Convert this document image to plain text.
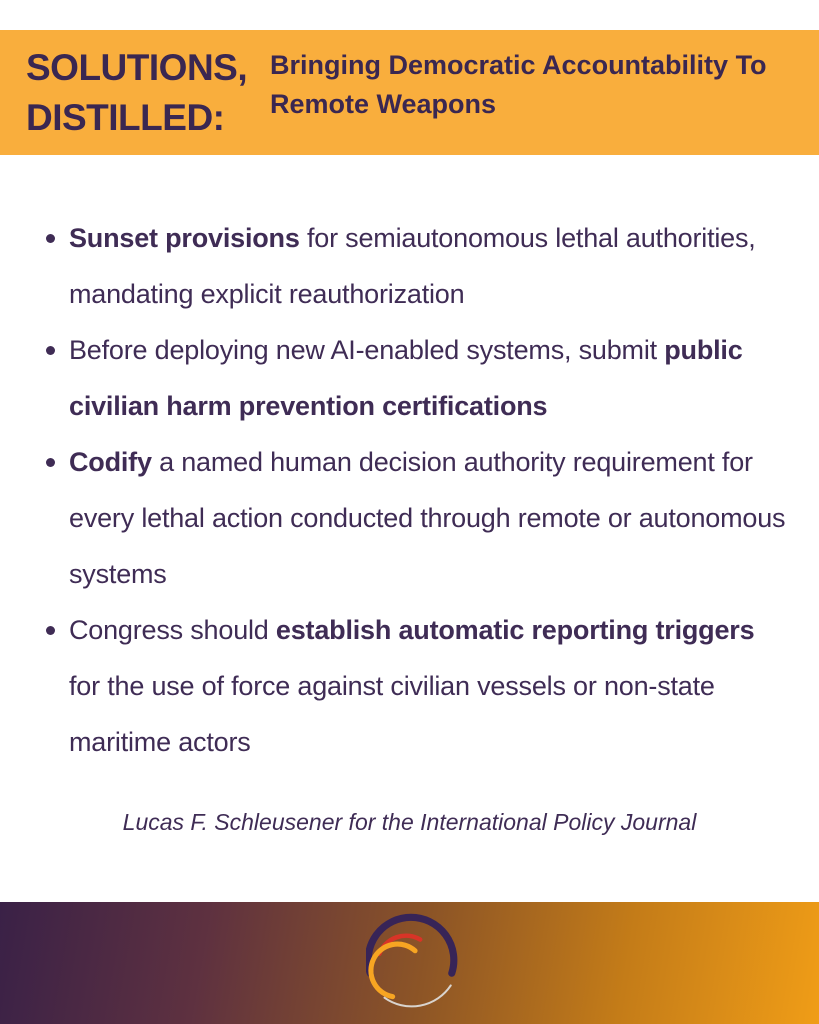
SOLUTIONS,
DISTILLED:
Bringing Democratic Accountability To Remote Weapons
Sunset provisions for semiautonomous lethal authorities, mandating explicit reauthorization
Before deploying new AI-enabled systems, submit public civilian harm prevention certifications
Codify a named human decision authority requirement for every lethal action conducted through remote or autonomous systems
Congress should establish automatic reporting triggers for the use of force against civilian vessels or non-state maritime actors
Lucas F. Schleusener for the International Policy Journal
